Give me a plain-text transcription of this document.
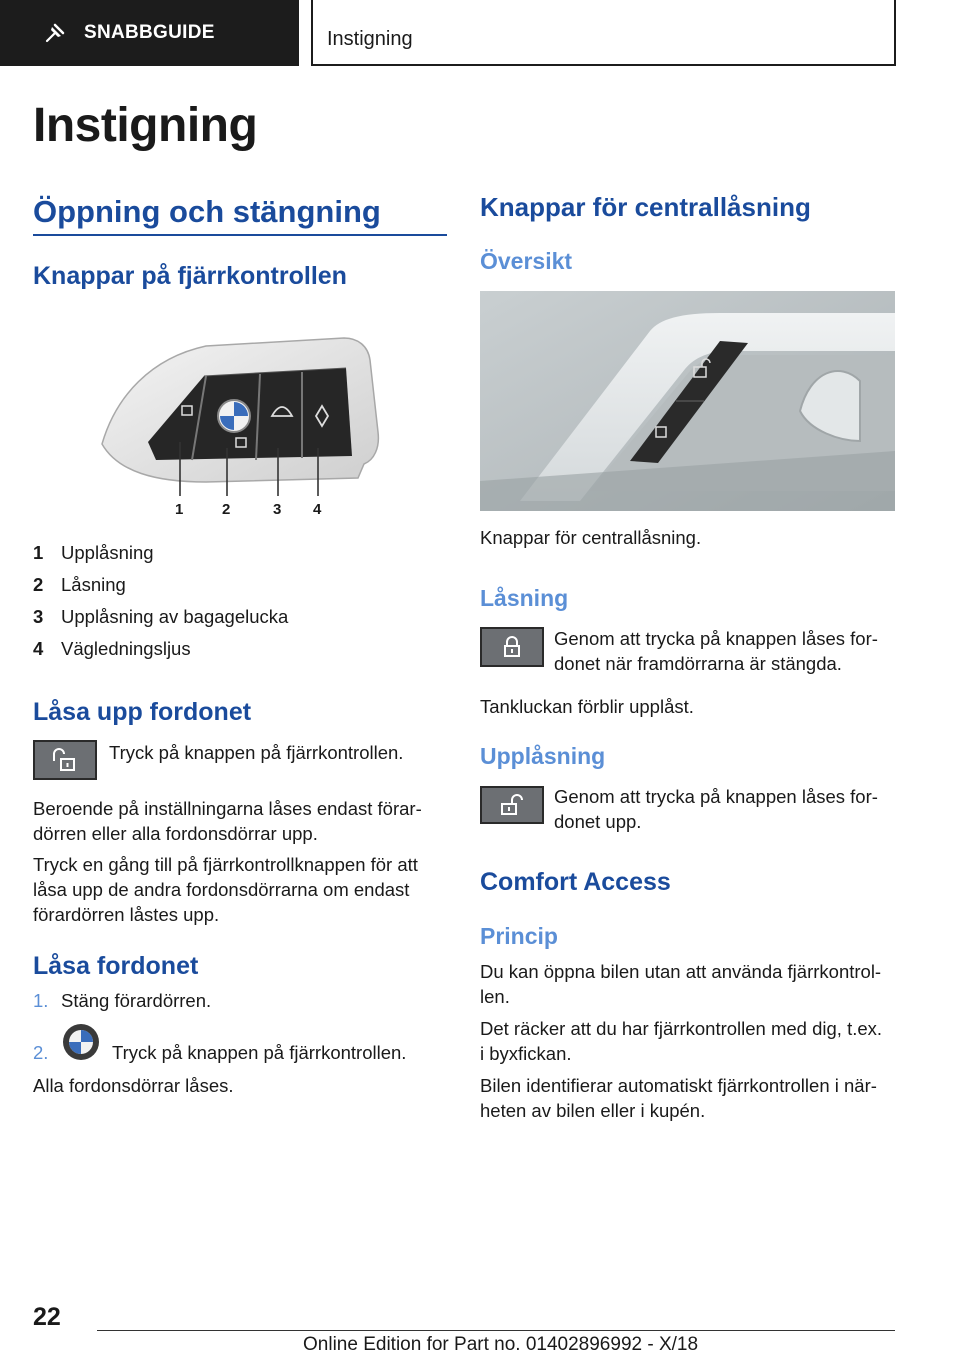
SNABBGUIDE	Instigning
Instigning
Öppning och stängning
Knappar på fjärrkontrollen
1	2	3 4
1 Upplåsning
2 Låsning
3 Upplåsning av bagagelucka
4 Vägledningsljus
Låsa upp fordonet
Tryck på knappen på fjärrkontrollen.
Beroende på inställningarna låses endast förar‐
dörren eller alla fordonsdörrar upp.
Tryck en gång till på fjärrkontrollknappen för att
låsa upp de andra fordonsdörrarna om endast
förardörren låstes upp.
Låsa fordonet
1. Stäng förardörren.
2.	Tryck på knappen på fjärrkontrollen.
Alla fordonsdörrar låses.
Knappar för centrallåsning
Översikt
Knappar för centrallåsning.
Låsning
Genom att trycka på knappen låses for‐
donet när framdörrarna är stängda.
Tankluckan förblir upplåst.
Upplåsning
Genom att trycka på knappen låses for‐
donet upp.
Comfort Access
Princip
Du kan öppna bilen utan att använda fjärrkontrol‐
len.
Det räcker att du har fjärrkontrollen med dig, t.ex.
i byxfickan.
Bilen identifierar automatiskt fjärrkontrollen i när‐
heten av bilen eller i kupén.
22
Online Edition for Part no. 01402896992 - X/18
